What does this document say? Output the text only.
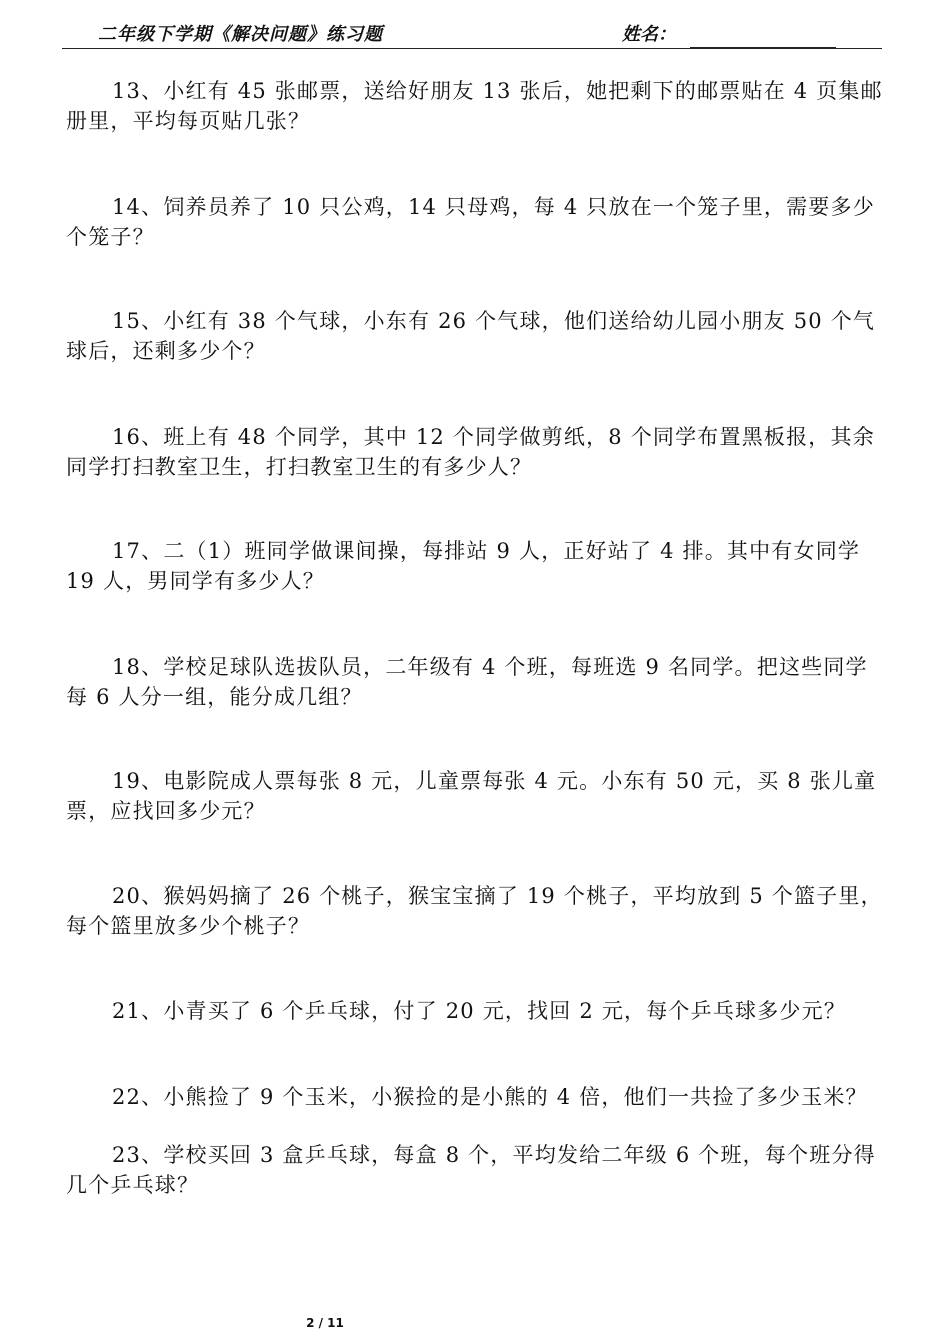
二年级下学期《解决问题》练习题	姓名：

13、小红有 45 张邮票，送给好朋友 13 张后，她把剩下的邮票贴在 4 页集邮册里，平均每页贴几张？

14、饲养员养了 10 只公鸡，14 只母鸡，每 4 只放在一个笼子里，需要多少个笼子？

15、小红有 38 个气球，小东有 26 个气球，他们送给幼儿园小朋友 50 个气球后，还剩多少个？

16、班上有 48 个同学，其中 12 个同学做剪纸，8 个同学布置黑板报，其余同学打扫教室卫生，打扫教室卫生的有多少人？

17、二（1）班同学做课间操，每排站 9 人，正好站了 4 排。其中有女同学 19 人，男同学有多少人？

18、学校足球队选拔队员，二年级有 4 个班，每班选 9 名同学。把这些同学每 6 人分一组，能分成几组？

19、电影院成人票每张 8 元，儿童票每张 4 元。小东有 50 元，买 8 张儿童票，应找回多少元？

20、猴妈妈摘了 26 个桃子，猴宝宝摘了 19 个桃子，平均放到 5 个篮子里，每个篮里放多少个桃子？

21、小青买了 6 个乒乓球，付了 20 元，找回 2 元，每个乒乓球多少元？

22、小熊捡了 9 个玉米，小猴捡的是小熊的 4 倍，他们一共捡了多少玉米？

23、学校买回 3 盒乒乓球，每盒 8 个，平均发给二年级 6 个班，每个班分得几个乒乓球？

2 / 11
